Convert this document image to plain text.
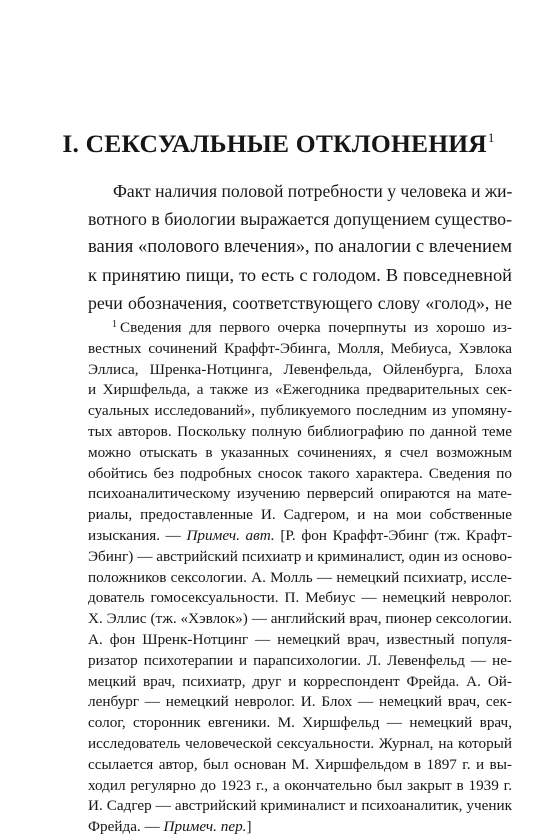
I. СЕКСУАЛЬНЫЕ ОТКЛОНЕНИЯ$^1$
Факт наличия половой потребности у человека и жи-
вотного в биологии выражается допущением существо-
вания «полового влечения», по аналогии с влечением
к принятию пищи, то есть с голодом. В повседневной
речи обозначения, соответствующего слову «голод», не
$^1$ Сведения для первого очерка почерпнуты из хорошо из-
вестных сочинений Краффт-Эбинга, Молля, Мебиуса, Хэвлока
Эллиса, Шренка-Нотцинга, Левенфельда, Ойленбурга, Блоха
и Хиршфельда, а также из «Ежегодника предварительных сек-
суальных исследований», публикуемого последним из упомяну-
тых авторов. Поскольку полную библиографию по данной теме
можно отыскать в указанных сочинениях, я счел возможным
обойтись без подробных сносок такого характера. Сведения по
психоаналитическому изучению перверсий опираются на мате-
риалы, предоставленные И. Садгером, и на мои собственные
изыскания. — Примеч. авт. [Р. фон Краффт-Эбинг (тж. Крафт-
Эбинг) — австрийский психиатр и криминалист, один из осново-
положников сексологии. А. Молль — немецкий психиатр, иссле-
дователь гомосексуальности. П. Мебиус — немецкий невролог.
Х. Эллис (тж. «Хэвлок») — английский врач, пионер сексологии.
А. фон Шренк-Нотцинг — немецкий врач, известный популя-
ризатор психотерапии и парапсихологии. Л. Левенфельд — не-
мецкий врач, психиатр, друг и корреспондент Фрейда. А. Ой-
ленбург — немецкий невролог. И. Блох — немецкий врач, сек-
солог, сторонник евгеники. М. Хиршфельд — немецкий врач,
исследователь человеческой сексуальности. Журнал, на который
ссылается автор, был основан М. Хиршфельдом в 1897 г. и вы-
ходил регулярно до 1923 г., а окончательно был закрыт в 1939 г.
И. Садгер — австрийский криминалист и психоаналитик, ученик
Фрейда. — Примеч. пер.]
